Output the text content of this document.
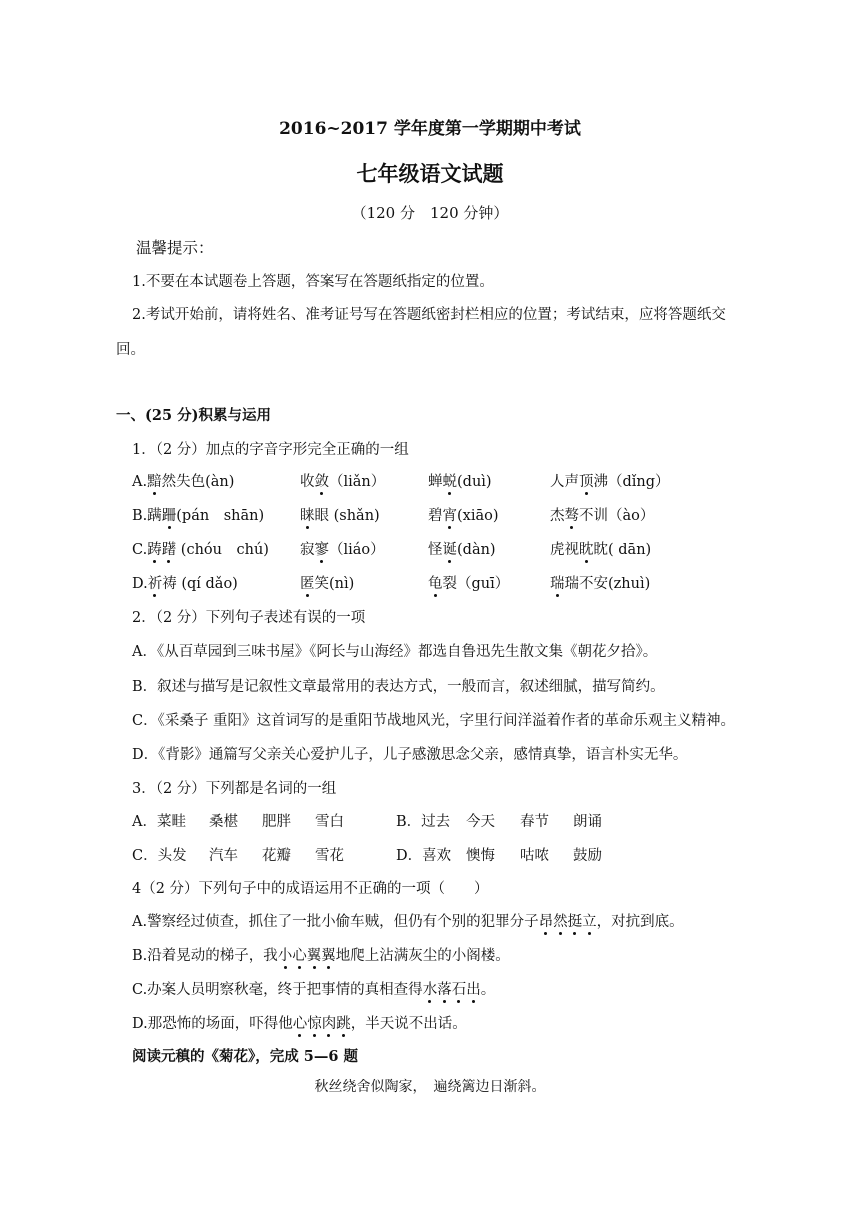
2016~2017 学年度第一学期期中考试
七年级语文试题
（120 分　120 分钟）
温馨提示：
1.不要在本试题卷上答题，答案写在答题纸指定的位置。
2.考试开始前，请将姓名、准考证号写在答题纸密封栏相应的位置；考试结束，应将答题纸交
回。
一、(25 分)积累与运用
1．（2 分）加点的字音字形完全正确的一组
A.黯然失色(àn)	收敛（liǎn）	蝉蜕(duì)	人声顶沸（dǐng）
B.蹒跚(pán　shān) 睐眼 (shǎn)	碧宵(xiāo)	杰骜不训（ào）
C.踌躇 (chóu　chú) 寂寥（liáo）	怪诞(dàn)	虎视眈眈( dān)
D.祈祷 (qí dǎo)	匿笑(nì)	龟裂（guī）	瑞瑞不安(zhuì)
2．（2 分）下列句子表述有误的一项
A．《从百草园到三味书屋》《阿长与山海经》都选自鲁迅先生散文集《朝花夕拾》。
B．叙述与描写是记叙性文章最常用的表达方式，一般而言，叙述细腻，描写简约。
C．《采桑子 重阳》这首词写的是重阳节战地风光，字里行间洋溢着作者的革命乐观主义精神。
D．《背影》通篇写父亲关心爱护儿子，儿子感激思念父亲，感情真挚，语言朴实无华。
3．（2 分）下列都是名词的一组
A．菜畦 桑椹 肥胖 雪白	B．过去 今天 春节 朗诵
C．头发 汽车 花瓣 雪花	D．喜欢 懊悔 咕哝 鼓励
4（2 分）下列句子中的成语运用不正确的一项（　　）
A.警察经过侦查，抓住了一批小偷车贼，但仍有个别的犯罪分子昂然挺立，对抗到底。
B.沿着晃动的梯子，我小心翼翼地爬上沾满灰尘的小阁楼。
C.办案人员明察秋毫，终于把事情的真相查得水落石出。
D.那恐怖的场面，吓得他心惊肉跳，半天说不出话。
阅读元稹的《菊花》，完成 5—6 题
秋丝绕舍似陶家，　遍绕篱边日渐斜。
